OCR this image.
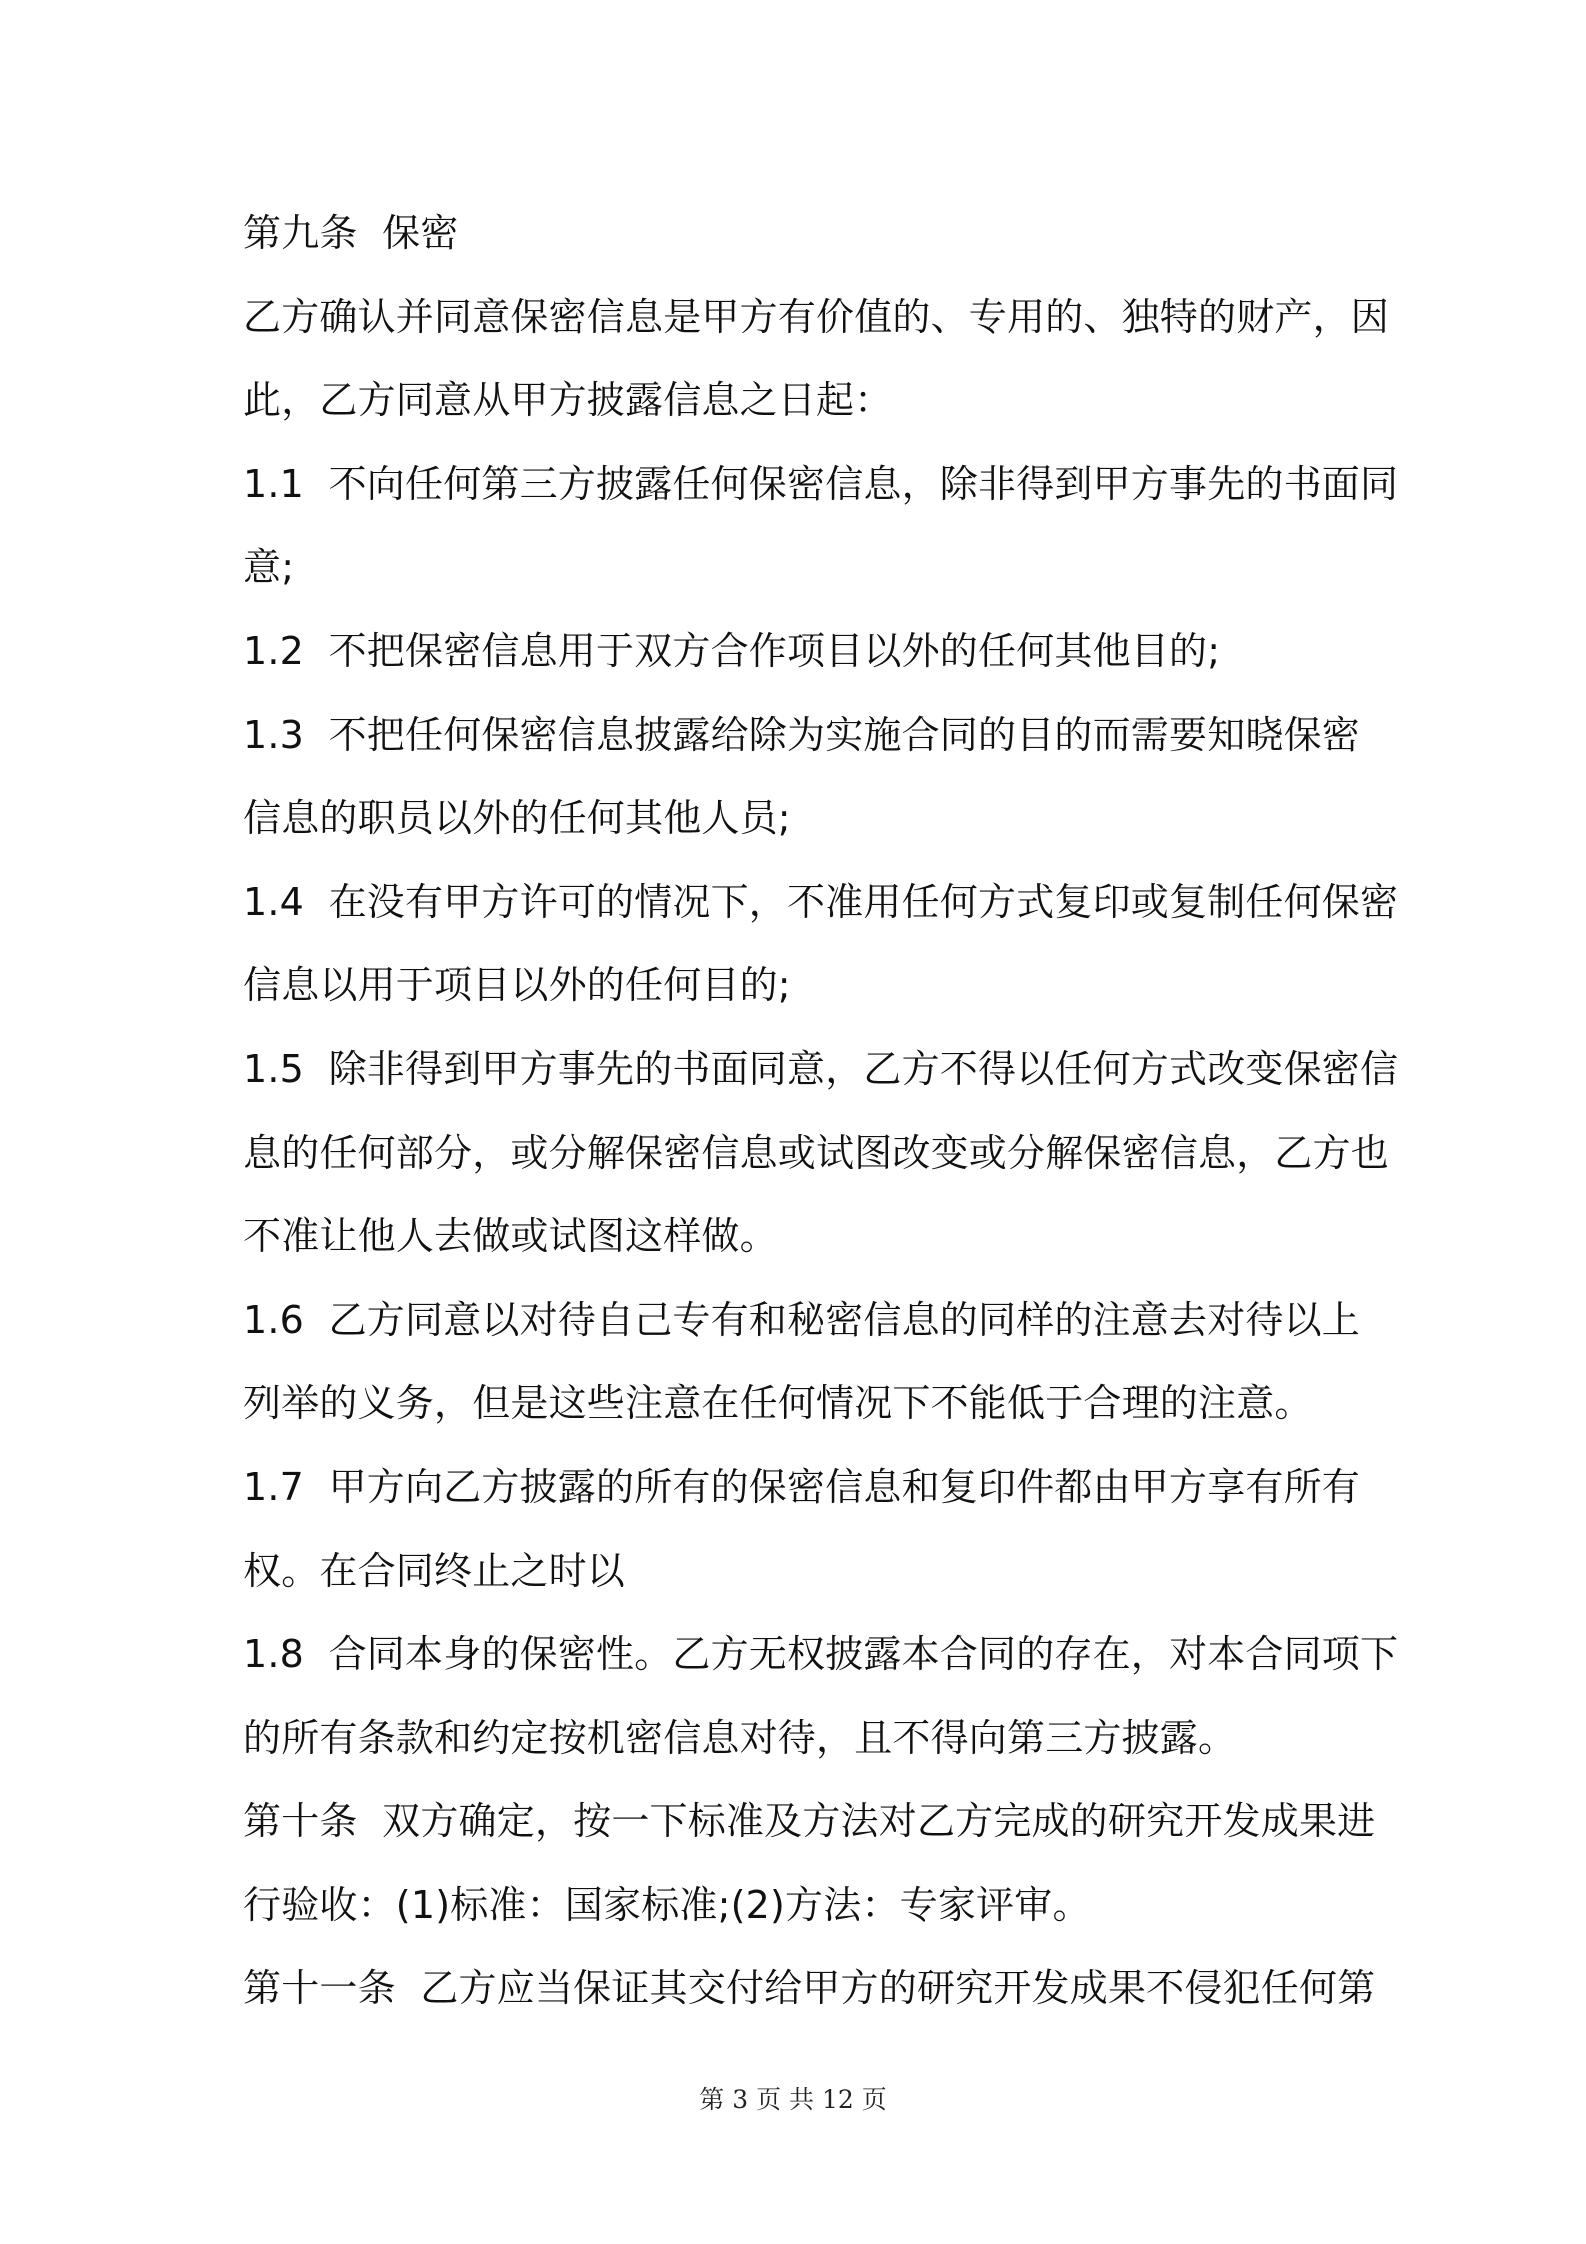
第九条  保密
乙方确认并同意保密信息是甲方有价值的、专用的、独特的财产，因
此，乙方同意从甲方披露信息之日起：
1.1  不向任何第三方披露任何保密信息，除非得到甲方事先的书面同
意;
1.2  不把保密信息用于双方合作项目以外的任何其他目的;
1.3  不把任何保密信息披露给除为实施合同的目的而需要知晓保密
信息的职员以外的任何其他人员;
1.4  在没有甲方许可的情况下，不准用任何方式复印或复制任何保密
信息以用于项目以外的任何目的;
1.5  除非得到甲方事先的书面同意，乙方不得以任何方式改变保密信
息的任何部分，或分解保密信息或试图改变或分解保密信息，乙方也
不准让他人去做或试图这样做。
1.6  乙方同意以对待自己专有和秘密信息的同样的注意去对待以上
列举的义务，但是这些注意在任何情况下不能低于合理的注意。
1.7  甲方向乙方披露的所有的保密信息和复印件都由甲方享有所有
权。在合同终止之时以
1.8  合同本身的保密性。乙方无权披露本合同的存在，对本合同项下
的所有条款和约定按机密信息对待，且不得向第三方披露。
第十条  双方确定，按一下标准及方法对乙方完成的研究开发成果进
行验收：(1)标准：国家标准;(2)方法：专家评审。
第十一条  乙方应当保证其交付给甲方的研究开发成果不侵犯任何第
第 3 页 共 12 页
